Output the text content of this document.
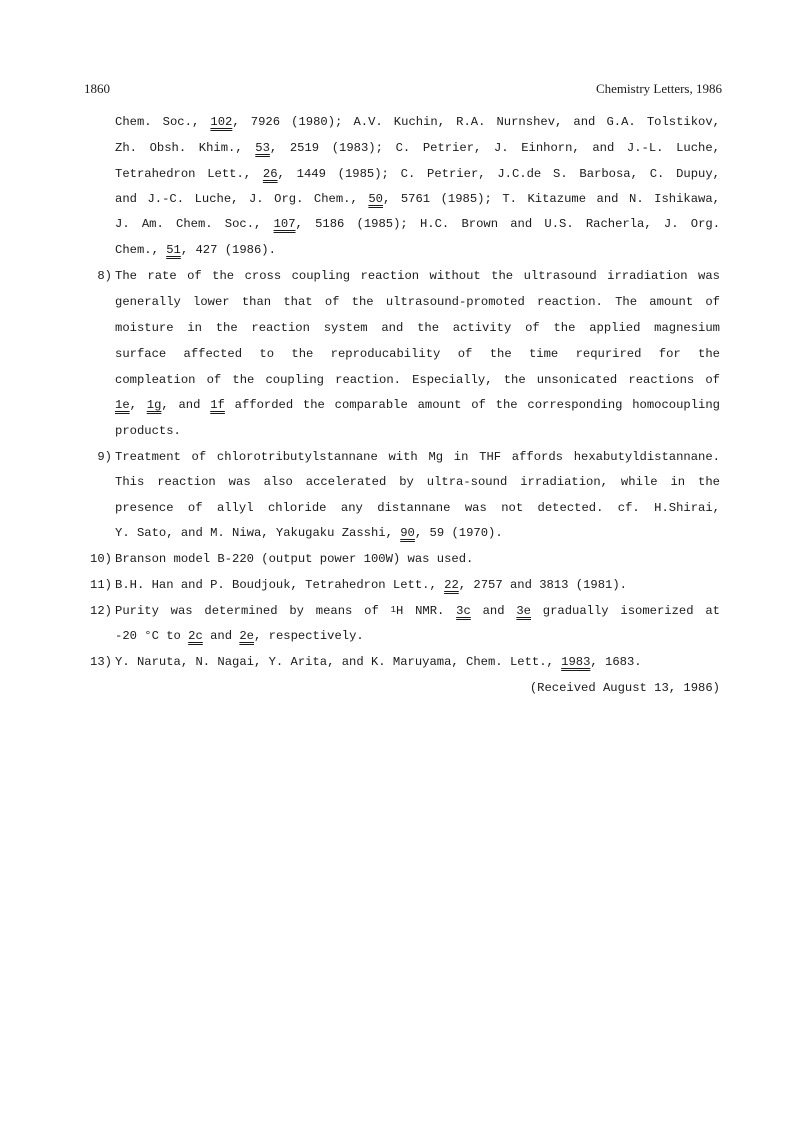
1860	Chemistry Letters, 1986
Chem. Soc., 102, 7926 (1980); A.V. Kuchin, R.A. Nurnshev, and G.A. Tolstikov,
Zh. Obsh. Khim., 53, 2519 (1983); C. Petrier, J. Einhorn, and J.-L. Luche,
Tetrahedron Lett., 26, 1449 (1985); C. Petrier, J.C.de S. Barbosa, C. Dupuy,
and J.-C. Luche, J. Org. Chem., 50, 5761 (1985); T. Kitazume and N. Ishikawa,
J. Am. Chem. Soc., 107, 5186 (1985); H.C. Brown and U.S. Racherla, J. Org.
Chem., 51, 427 (1986).
8) The rate of the cross coupling reaction without the ultrasound irradiation was
generally lower than that of the ultrasound-promoted reaction. The amount of
moisture in the reaction system and the activity of the applied magnesium
surface affected to the reproducability of the time requrired for the
compleation of the coupling reaction. Especially, the unsonicated reactions of
1e, 1g, and 1f afforded the comparable amount of the corresponding homocoupling
products.
9) Treatment of chlorotributylstannane with Mg in THF affords hexabutyldistannane.
This reaction was also accelerated by ultra-sound irradiation, while in the
presence of allyl chloride any distannane was not detected. cf. H.Shirai,
Y. Sato, and M. Niwa, Yakugaku Zasshi, 90, 59 (1970).
10) Branson model B-220 (output power 100W) was used.
11) B.H. Han and P. Boudjouk, Tetrahedron Lett., 22, 2757 and 3813 (1981).
12) Purity was determined by means of $^1$H NMR. 3c and 3e gradually isomerized at
-20 °C to 2c and 2e, respectively.
13) Y. Naruta, N. Nagai, Y. Arita, and K. Maruyama, Chem. Lett., 1983, 1683.
(Received August 13, 1986)
